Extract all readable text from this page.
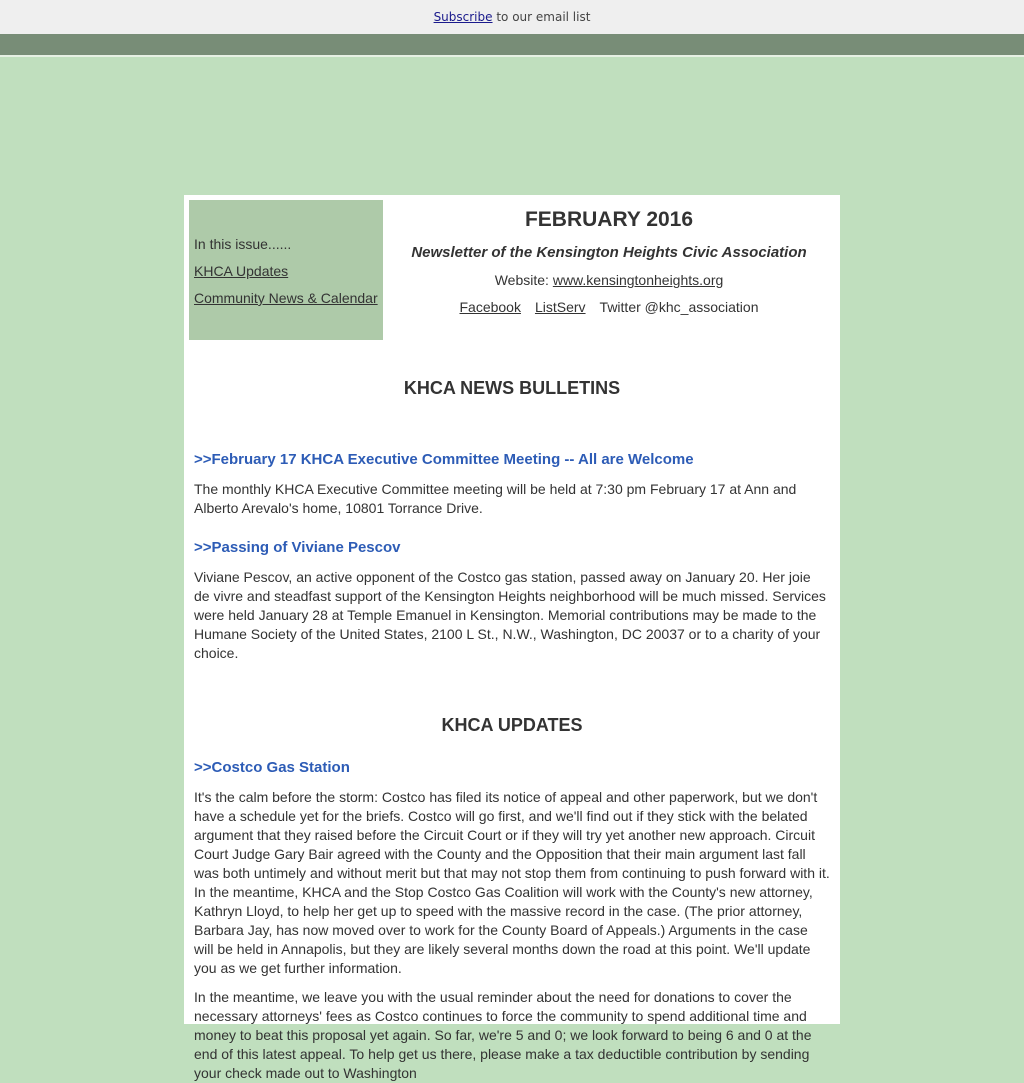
Subscribe to our email list

In this issue......

KHCA Updates

Community News & Calendar

FEBRUARY 2016

Newsletter of the Kensington Heights Civic Association

Website: www.kensingtonheights.org

Facebook ListServ Twitter @khc_association

KHCA NEWS BULLETINS
>>February 17 KHCA Executive Committee Meeting -- All are Welcome

The monthly KHCA Executive Committee meeting will be held at 7:30 pm February 17 at Ann and Alberto Arevalo's home, 10801 Torrance Drive.

>>Passing of Viviane Pescov

Viviane Pescov, an active opponent of the Costco gas station, passed away on January 20. Her joie de vivre and steadfast support of the Kensington Heights neighborhood will be much missed. Services were held January 28 at Temple Emanuel in Kensington. Memorial contributions may be made to the Humane Society of the United States, 2100 L St., N.W., Washington, DC 20037 or to a charity of your choice.

KHCA UPDATES
>>Costco Gas Station

It's the calm before the storm: Costco has filed its notice of appeal and other paperwork, but we don't have a schedule yet for the briefs. Costco will go first, and we'll find out if they stick with the belated argument that they raised before the Circuit Court or if they will try yet another new approach. Circuit Court Judge Gary Bair agreed with the County and the Opposition that their main argument last fall was both untimely and without merit but that may not stop them from continuing to push forward with it. In the meantime, KHCA and the Stop Costco Gas Coalition will work with the County's new attorney, Kathryn Lloyd, to help her get up to speed with the massive record in the case. (The prior attorney, Barbara Jay, has now moved over to work for the County Board of Appeals.) Arguments in the case will be held in Annapolis, but they are likely several months down the road at this point. We'll update you as we get further information.

In the meantime, we leave you with the usual reminder about the need for donations to cover the necessary attorneys' fees as Costco continues to force the community to spend additional time and money to beat this proposal yet again. So far, we're 5 and 0; we look forward to being 6 and 0 at the end of this latest appeal. To help get us there, please make a tax deductible contribution by sending your check made out to Washington
